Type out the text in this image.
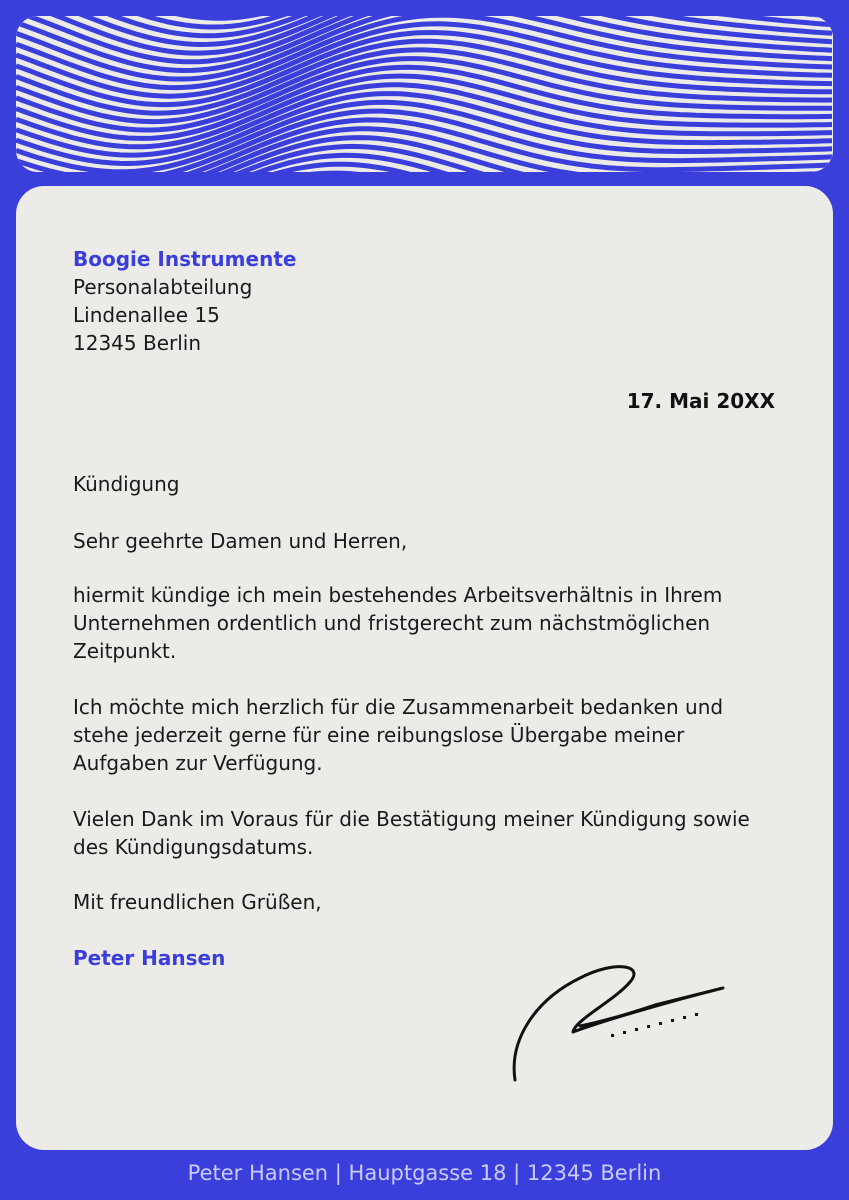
Boogie Instrumente

Personalabteilung

Lindenallee 15

12345 Berlin

17. Mai 20XX

Kündigung

Sehr geehrte Damen und Herren,

hiermit kündige ich mein bestehendes Arbeitsverhältnis in Ihrem
Unternehmen ordentlich und fristgerecht zum nächstmöglichen
Zeitpunkt.
Ich möchte mich herzlich für die Zusammenarbeit bedanken und
stehe jederzeit gerne für eine reibungslose Übergabe meiner
Aufgaben zur Verfügung.
Vielen Dank im Voraus für die Bestätigung meiner Kündigung sowie
des Kündigungsdatums.

Mit freundlichen Grüßen,

Peter Hansen

Peter Hansen | Hauptgasse 18 | 12345 Berlin
